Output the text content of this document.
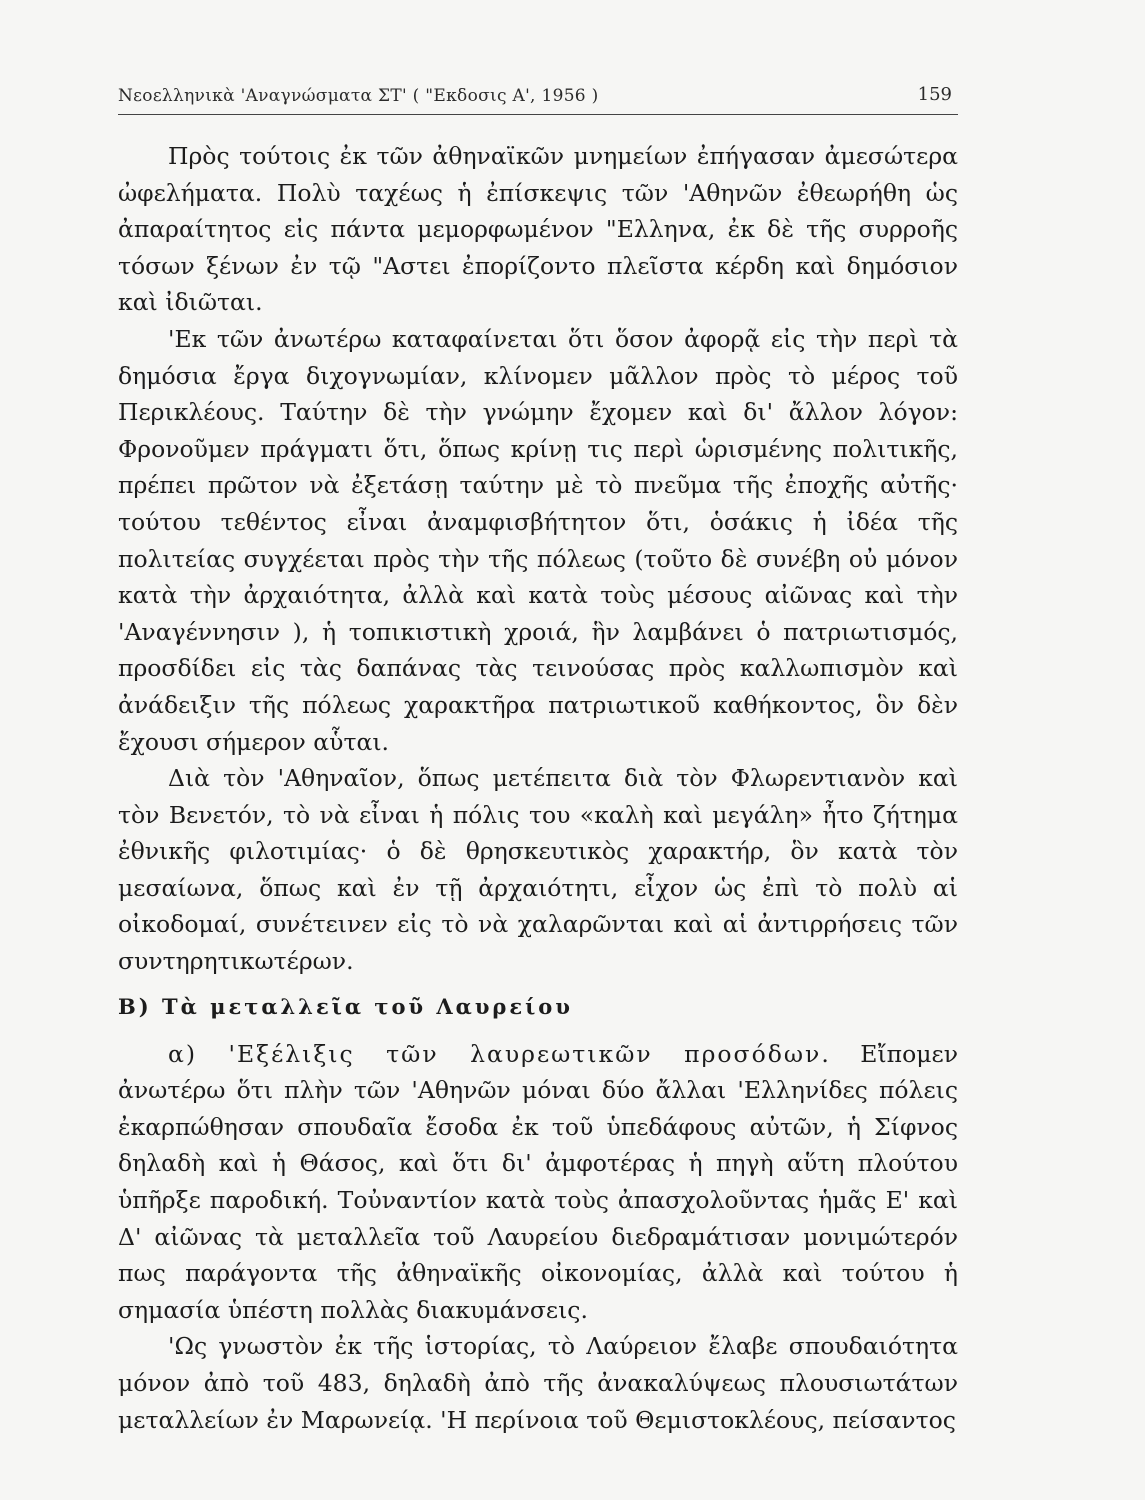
Νεοελληνικὰ 'Αναγνώσματα ΣΤ' ( "Εκδοσις Α', 1956 )	159

Πρὸς τούτοις ἐκ τῶν ἀθηναϊκῶν μνημείων ἐπήγασαν ἀμεσώτερα ὠφελήματα. Πολὺ ταχέως ἡ ἐπίσκεψις τῶν 'Αθηνῶν ἐθεωρήθη ὡς ἀπαραίτητος εἰς πάντα μεμορφωμένον "Ελληνα, ἐκ δὲ τῆς συρροῆς τόσων ξένων ἐν τῷ "Αστει ἐπορίζοντο πλεῖστα κέρδη καὶ δημόσιον καὶ ἰδιῶται.

'Εκ τῶν ἀνωτέρω καταφαίνεται ὅτι ὅσον ἀφορᾷ εἰς τὴν περὶ τὰ δημόσια ἔργα διχογνωμίαν, κλίνομεν μᾶλλον πρὸς τὸ μέρος τοῦ Περικλέους. Ταύτην δὲ τὴν γνώμην ἔχομεν καὶ δι' ἄλλον λόγον: Φρονοῦμεν πράγματι ὅτι, ὅπως κρίνῃ τις περὶ ὡρισμένης πολιτικῆς, πρέπει πρῶτον νὰ ἐξετάσῃ ταύτην μὲ τὸ πνεῦμα τῆς ἐποχῆς αὐτῆς· τούτου τεθέντος εἶναι ἀναμφισβήτητον ὅτι, ὁσάκις ἡ ἰδέα τῆς πολιτείας συγχέεται πρὸς τὴν τῆς πόλεως (τοῦτο δὲ συνέβη οὐ μόνον κατὰ τὴν ἀρχαιότητα, ἀλλὰ καὶ κατὰ τοὺς μέσους αἰῶνας καὶ τὴν 'Αναγέννησιν ), ἡ τοπικιστικὴ χροιά, ἣν λαμβάνει ὁ πατριωτισμός, προσδίδει εἰς τὰς δαπάνας τὰς τεινούσας πρὸς καλλωπισμὸν καὶ ἀνάδειξιν τῆς πόλεως χαρακτῆρα πατριωτικοῦ καθήκοντος, ὃν δὲν ἔχουσι σήμερον αὗται.

Διὰ τὸν 'Αθηναῖον, ὅπως μετέπειτα διὰ τὸν Φλωρεντιανὸν καὶ τὸν Βενετόν, τὸ νὰ εἶναι ἡ πόλις του «καλὴ καὶ μεγάλη» ἦτο ζήτημα ἐθνικῆς φιλοτιμίας· ὁ δὲ θρησκευτικὸς χαρακτήρ, ὃν κατὰ τὸν μεσαίωνα, ὅπως καὶ ἐν τῇ ἀρχαιότητι, εἶχον ὡς ἐπὶ τὸ πολὺ αἱ οἰκοδομαί, συνέτεινεν εἰς τὸ νὰ χαλαρῶνται καὶ αἱ ἀντιρρήσεις τῶν συντηρητικωτέρων.

Β) Τὰ μεταλλεῖα τοῦ Λαυρείου

α) 'Εξέλιξις τῶν λαυρεωτικῶν προσόδων. Εἴπομεν ἀνωτέρω ὅτι πλὴν τῶν 'Αθηνῶν μόναι δύο ἄλλαι 'Ελληνίδες πόλεις ἐκαρπώθησαν σπουδαῖα ἔσοδα ἐκ τοῦ ὑπεδάφους αὐτῶν, ἡ Σίφνος δηλαδὴ καὶ ἡ Θάσος, καὶ ὅτι δι' ἀμφοτέρας ἡ πηγὴ αὕτη πλούτου ὑπῆρξε παροδική. Τοὐναντίον κατὰ τοὺς ἀπασχολοῦντας ἡμᾶς Ε' καὶ Δ' αἰῶνας τὰ μεταλλεῖα τοῦ Λαυρείου διεδραμάτισαν μονιμώτερόν πως παράγοντα τῆς ἀθηναϊκῆς οἰκονομίας, ἀλλὰ καὶ τούτου ἡ σημασία ὑπέστη πολλὰς διακυμάνσεις.

'Ως γνωστὸν ἐκ τῆς ἱστορίας, τὸ Λαύρειον ἔλαβε σπουδαιότητα μόνον ἀπὸ τοῦ 483, δηλαδὴ ἀπὸ τῆς ἀνακαλύψεως πλουσιωτάτων μεταλλείων ἐν Μαρωνείᾳ. 'Η περίνοια τοῦ Θεμιστοκλέους, πείσαντος
